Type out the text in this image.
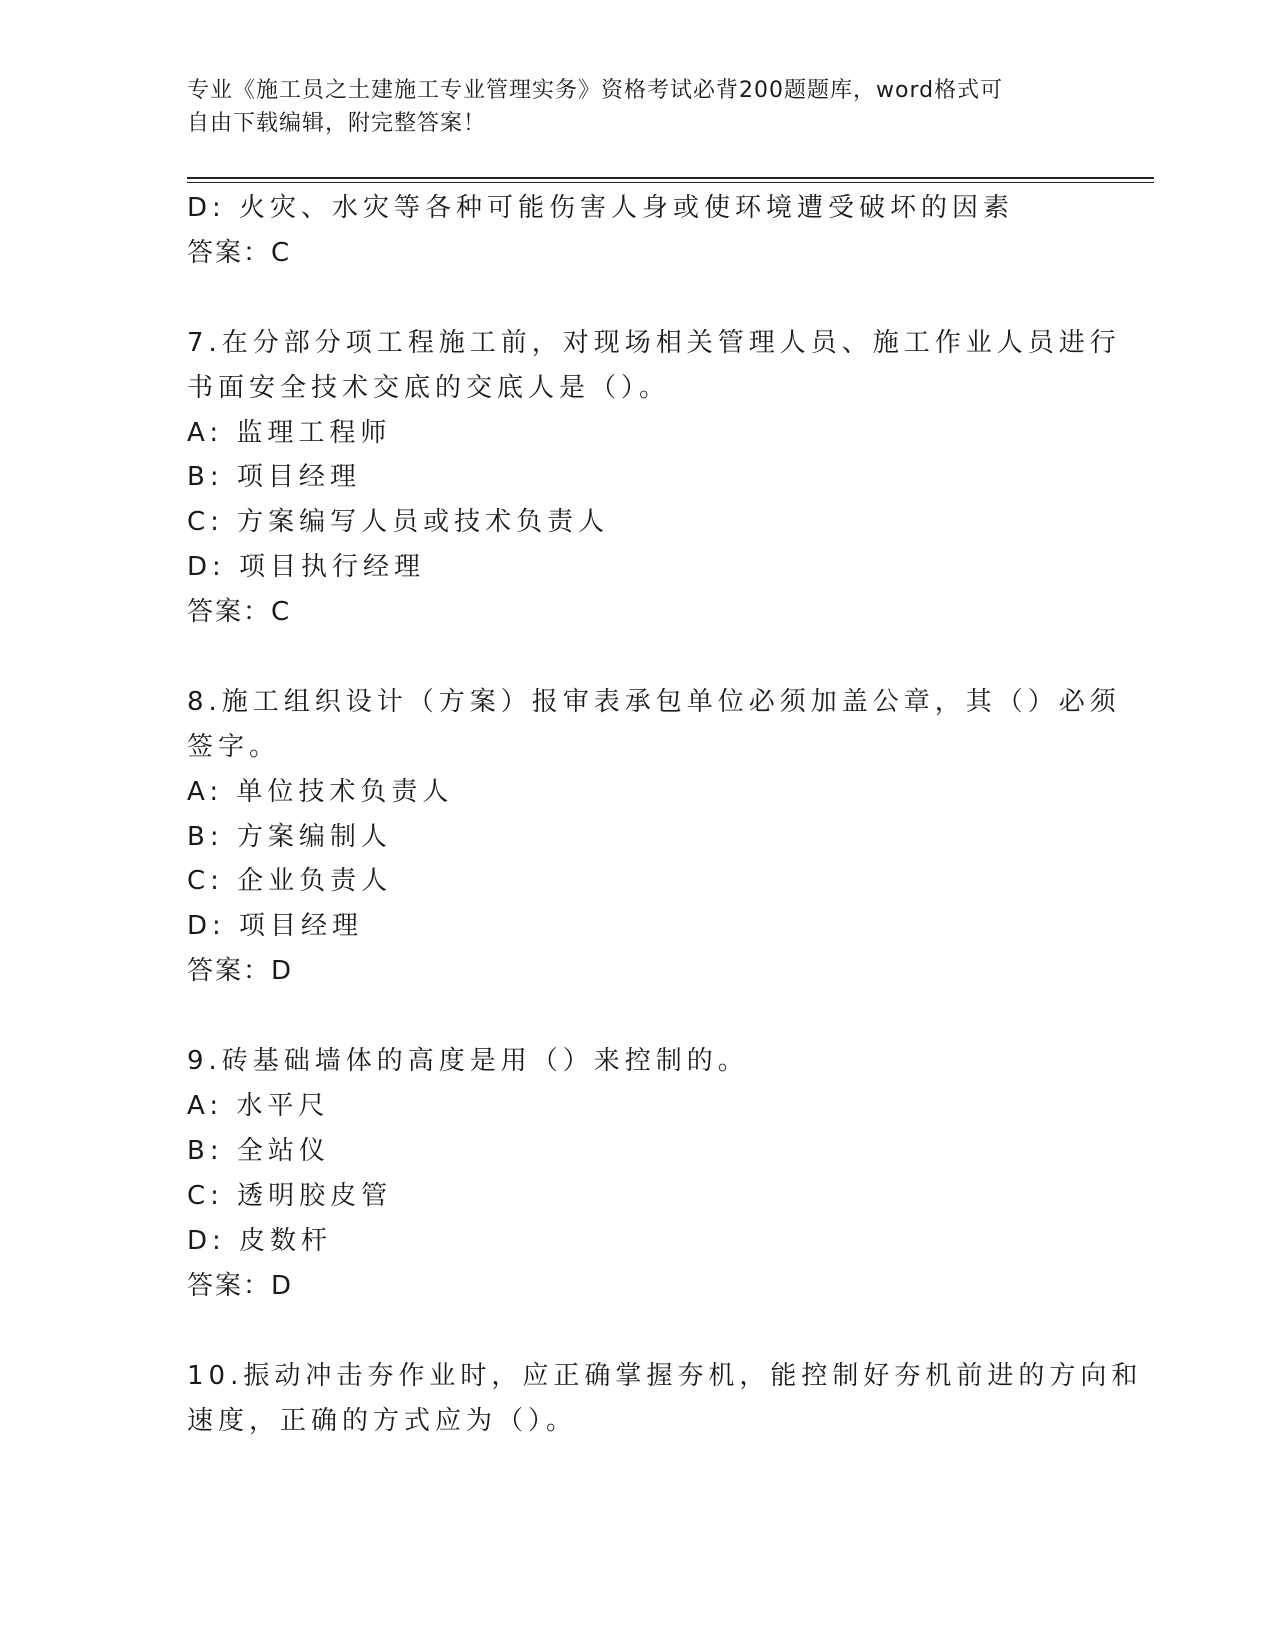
专业《施工员之土建施工专业管理实务》资格考试必背200题题库，word格式可
自由下载编辑，附完整答案！
D: 火灾、水灾等各种可能伤害人身或使环境遭受破坏的因素
答案：C
7.在分部分项工程施工前，对现场相关管理人员、施工作业人员进行
书面安全技术交底的交底人是（）。
A: 监理工程师
B: 项目经理
C: 方案编写人员或技术负责人
D: 项目执行经理
答案：C
8.施工组织设计（方案）报审表承包单位必须加盖公章，其（）必须
签字。
A: 单位技术负责人
B: 方案编制人
C: 企业负责人
D: 项目经理
答案：D
9.砖基础墙体的高度是用（）来控制的。
A: 水平尺
B: 全站仪
C: 透明胶皮管
D: 皮数杆
答案：D
10.振动冲击夯作业时，应正确掌握夯机，能控制好夯机前进的方向和
速度，正确的方式应为（）。
